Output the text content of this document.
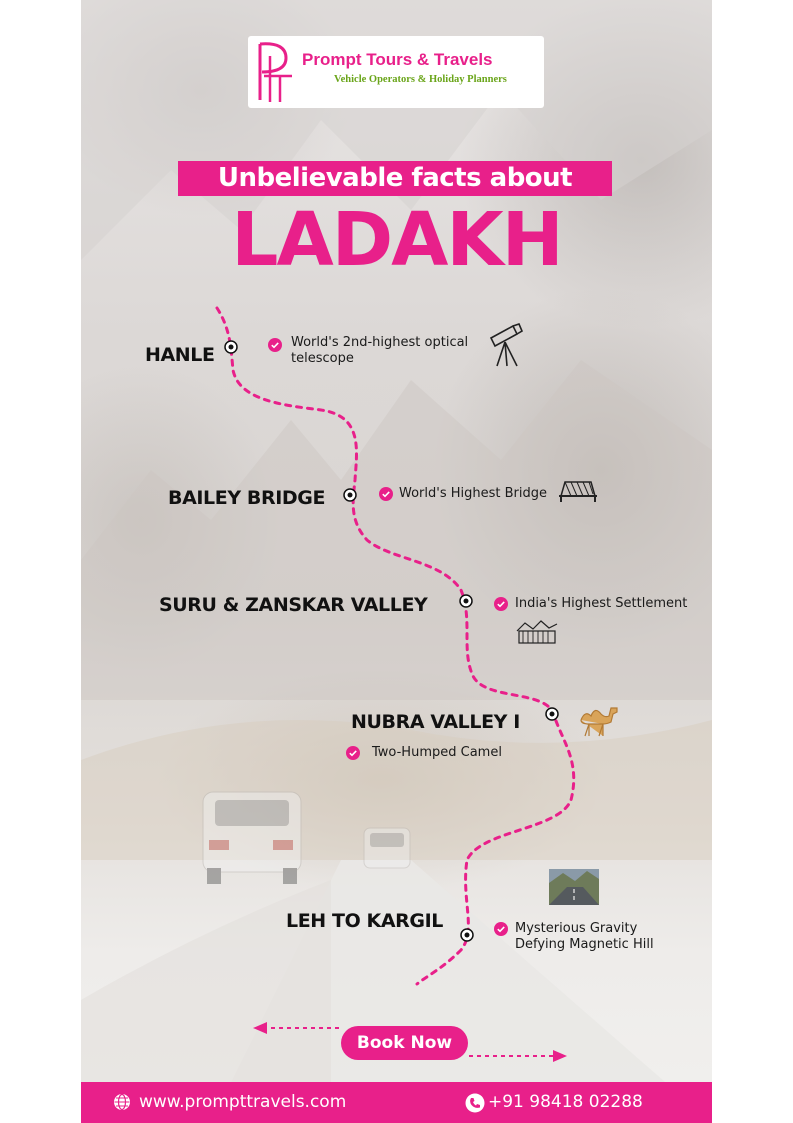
Prompt Tours & Travels
Vehicle Operators & Holiday Planners
Unbelievable facts about
LADAKH
HANLE
World's 2nd-highest optical telescope
BAILEY BRIDGE	World's Highest Bridge
SURU & ZANSKAR VALLEY	India's Highest Settlement
NUBRA VALLEY I
Two-Humped Camel
LEH TO KARGIL	Mysterious Gravity
Defying Magnetic Hill
Book Now
www.prompttravels.com	+91 98418 02288
